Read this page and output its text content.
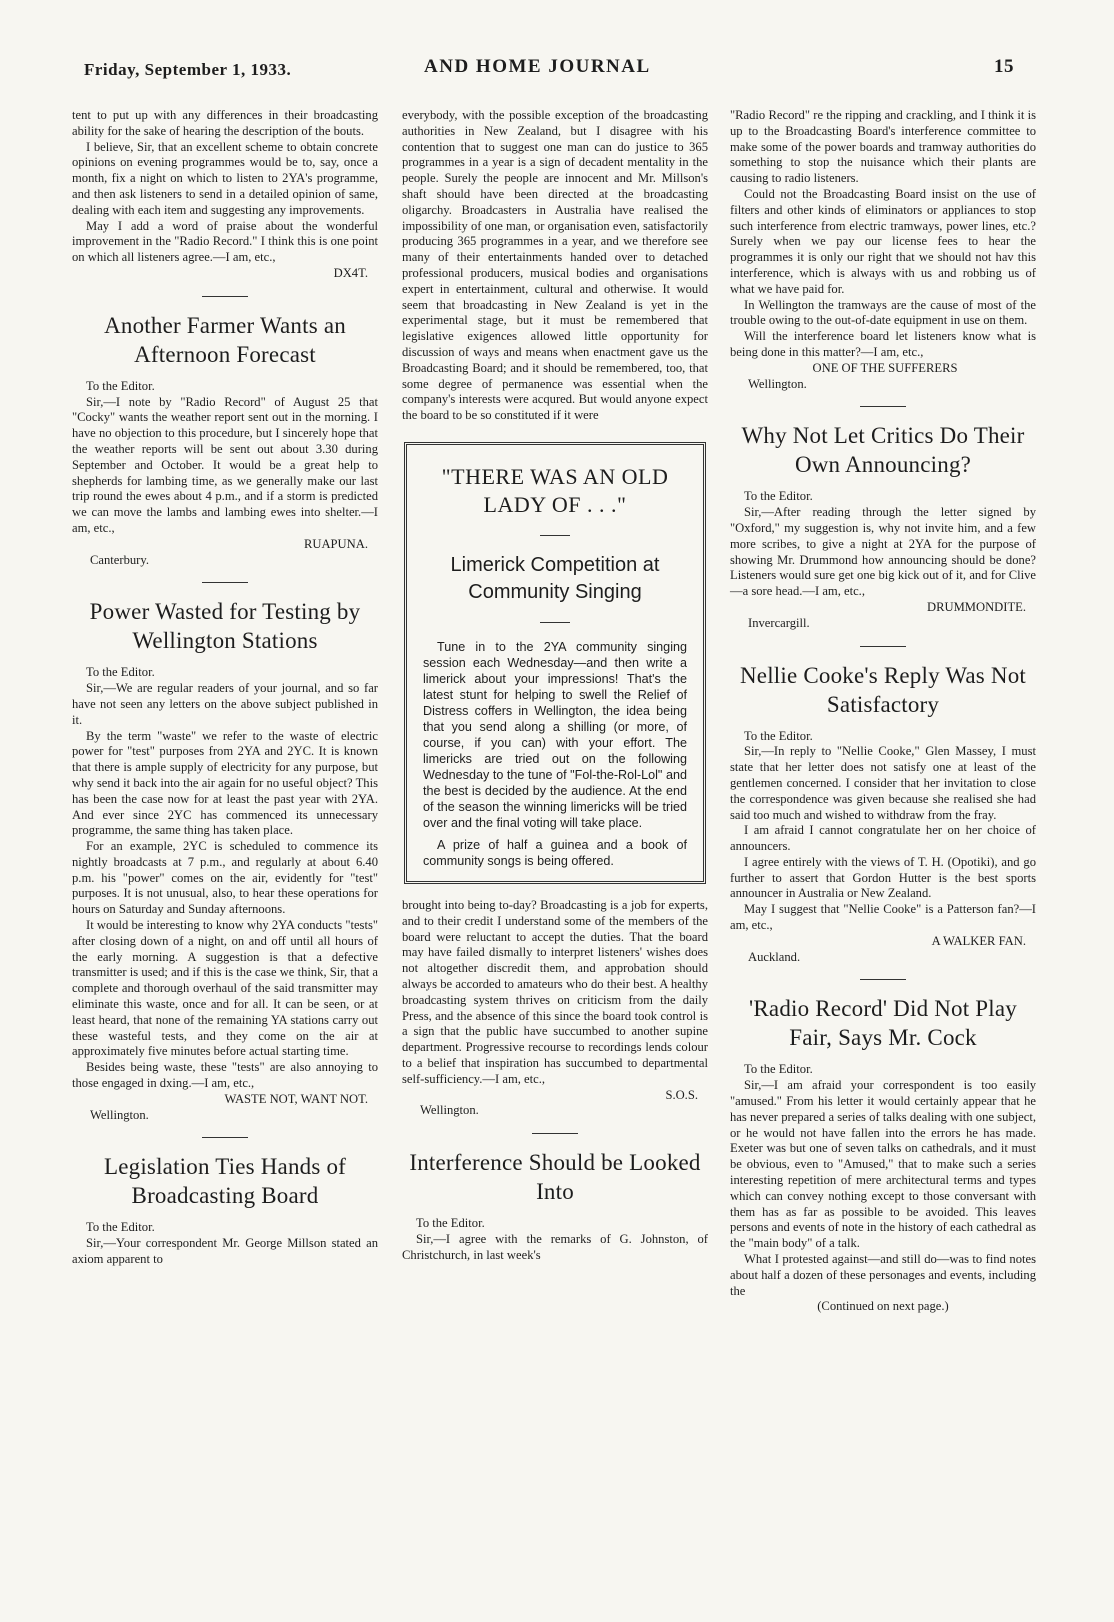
Friday, September 1, 1933.	AND HOME JOURNAL	15

tent to put up with any differences in their broadcasting ability for the sake of hearing the description of the bouts.

I believe, Sir, that an excellent scheme to obtain concrete opinions on evening programmes would be to, say, once a month, fix a night on which to listen to 2YA's programme, and then ask listeners to send in a detailed opinion of same, dealing with each item and suggesting any improvements.

May I add a word of praise about the wonderful improvement in the "Radio Record." I think this is one point on which all listeners agree.—I am, etc.,

DX4T.

Another Farmer Wants an Afternoon Forecast

To the Editor.

Sir,—I note by "Radio Record" of August 25 that "Cocky" wants the weather report sent out in the morning. I have no objection to this procedure, but I sincerely hope that the weather reports will be sent out about 3.30 during September and October. It would be a great help to shepherds for lambing time, as we generally make our last trip round the ewes about 4 p.m., and if a storm is predicted we can move the lambs and lambing ewes into shelter.—I am, etc.,

RUAPUNA.

Canterbury.

Power Wasted for Testing by Wellington Stations

To the Editor.

Sir,—We are regular readers of your journal, and so far have not seen any letters on the above subject published in it.

By the term "waste" we refer to the waste of electric power for "test" purposes from 2YA and 2YC. It is known that there is ample supply of electricity for any purpose, but why send it back into the air again for no useful object? This has been the case now for at least the past year with 2YA. And ever since 2YC has commenced its unnecessary programme, the same thing has taken place.

For an example, 2YC is scheduled to commence its nightly broadcasts at 7 p.m., and regularly at about 6.40 p.m. his "power" comes on the air, evidently for "test" purposes. It is not unusual, also, to hear these operations for hours on Saturday and Sunday afternoons.

It would be interesting to know why 2YA conducts "tests" after closing down of a night, on and off until all hours of the early morning. A suggestion is that a defective transmitter is used; and if this is the case we think, Sir, that a complete and thorough overhaul of the said transmitter may eliminate this waste, once and for all. It can be seen, or at least heard, that none of the remaining YA stations carry out these wasteful tests, and they come on the air at approximately five minutes before actual starting time.

Besides being waste, these "tests" are also annoying to those engaged in dxing.—I am, etc.,

WASTE NOT, WANT NOT.

Wellington.

Legislation Ties Hands of Broadcasting Board

To the Editor.

Sir,—Your correspondent Mr. George Millson stated an axiom apparent to

everybody, with the possible exception of the broadcasting authorities in New Zealand, but I disagree with his contention that to suggest one man can do justice to 365 programmes in a year is a sign of decadent mentality in the people. Surely the people are innocent and Mr. Millson's shaft should have been directed at the broadcasting oligarchy. Broadcasters in Australia have realised the impossibility of one man, or organisation even, satisfactorily producing 365 programmes in a year, and we therefore see many of their entertainments handed over to detached professional producers, musical bodies and organisations expert in entertainment, cultural and otherwise. It would seem that broadcasting in New Zealand is yet in the experimental stage, but it must be remembered that legislative exigences allowed little opportunity for discussion of ways and means when enactment gave us the Broadcasting Board; and it should be remembered, too, that some degree of permanence was essential when the company's interests were acqured. But would anyone expect the board to be so constituted if it were

"THERE WAS AN OLD LADY OF . . ."
Limerick Competition at Community Singing

Tune in to the 2YA community singing session each Wednesday—and then write a limerick about your impressions! That's the latest stunt for helping to swell the Relief of Distress coffers in Wellington, the idea being that you send along a shilling (or more, of course, if you can) with your effort. The limericks are tried out on the following Wednesday to the tune of "Fol-the-Rol-Lol" and the best is decided by the audience. At the end of the season the winning limericks will be tried over and the final voting will take place.

A prize of half a guinea and a book of community songs is being offered.

brought into being to-day? Broadcasting is a job for experts, and to their credit I understand some of the members of the board were reluctant to accept the duties. That the board may have failed dismally to interpret listeners' wishes does not altogether discredit them, and approbation should always be accorded to amateurs who do their best. A healthy broadcasting system thrives on criticism from the daily Press, and the absence of this since the board took control is a sign that the public have succumbed to another supine department. Progressive recourse to recordings lends colour to a belief that inspiration has succumbed to departmental self-sufficiency.—I am, etc.,

S.O.S.

Wellington.

Interference Should be Looked Into

To the Editor.

Sir,—I agree with the remarks of G. Johnston, of Christchurch, in last week's

"Radio Record" re the ripping and crackling, and I think it is up to the Broadcasting Board's interference committee to make some of the power boards and tramway authorities do something to stop the nuisance which their plants are causing to radio listeners.

Could not the Broadcasting Board insist on the use of filters and other kinds of eliminators or appliances to stop such interference from electric tramways, power lines, etc.? Surely when we pay our license fees to hear the programmes it is only our right that we should not hav this interference, which is always with us and robbing us of what we have paid for.

In Wellington the tramways are the cause of most of the trouble owing to the out-of-date equipment in use on them.

Will the interference board let listeners know what is being done in this matter?—I am, etc.,

ONE OF THE SUFFERERS

Wellington.

Why Not Let Critics Do Their Own Announcing?

To the Editor.

Sir,—After reading through the letter signed by "Oxford," my suggestion is, why not invite him, and a few more scribes, to give a night at 2YA for the purpose of showing Mr. Drummond how announcing should be done? Listeners would sure get one big kick out of it, and for Clive—a sore head.—I am, etc.,

DRUMMONDITE.

Invercargill.

Nellie Cooke's Reply Was Not Satisfactory

To the Editor.

Sir,—In reply to "Nellie Cooke," Glen Massey, I must state that her letter does not satisfy one at least of the gentlemen concerned. I consider that her invitation to close the correspondence was given because she realised she had said too much and wished to withdraw from the fray.

I am afraid I cannot congratulate her on her choice of announcers.

I agree entirely with the views of T. H. (Opotiki), and go further to assert that Gordon Hutter is the best sports announcer in Australia or New Zealand.

May I suggest that "Nellie Cooke" is a Patterson fan?—I am, etc.,

A WALKER FAN.

Auckland.

'Radio Record' Did Not Play Fair, Says Mr. Cock

To the Editor.

Sir,—I am afraid your correspondent is too easily "amused." From his letter it would certainly appear that he has never prepared a series of talks dealing with one subject, or he would not have fallen into the errors he has made. Exeter was but one of seven talks on cathedrals, and it must be obvious, even to "Amused," that to make such a series interesting repetition of mere architectural terms and types which can convey nothing except to those conversant with them has as far as possible to be avoided. This leaves persons and events of note in the history of each cathedral as the "main body" of a talk.

What I protested against—and still do—was to find notes about half a dozen of these personages and events, including the

(Continued on next page.)
